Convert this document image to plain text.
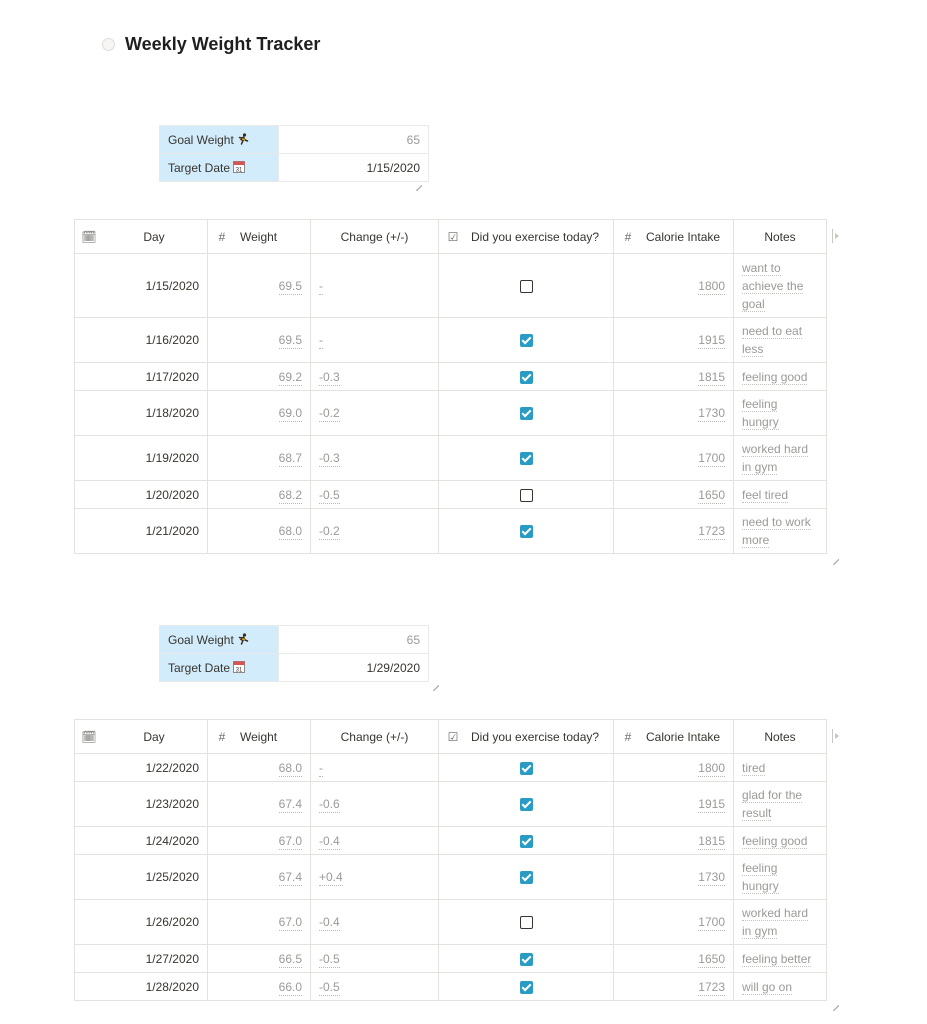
Weekly Weight Tracker
Goal Weight	65
Target Date 31	1/15/2020
🗓 Day	# Weight	Change (+/-)	☑ Did you exercise today?	# Calorie Intake	Notes

1/15/2020	69.5	-		1800	want to
achieve the
goal
1/16/2020	69.5	-		1915	need to eat
less
1/17/2020	69.2	-0.3		1815	feeling good
1/18/2020	69.0	-0.2		1730	feeling
hungry
1/19/2020	68.7	-0.3		1700	worked hard
in gym
1/20/2020	68.2	-0.5		1650	feel tired
1/21/2020	68.0	-0.2		1723	need to work
more
Goal Weight	65
Target Date 31	1/29/2020
🗓 Day	# Weight	Change (+/-)	☑ Did you exercise today?	# Calorie Intake	Notes

1/22/2020	68.0	-		1800	tired
1/23/2020	67.4	-0.6		1915	glad for the
result
1/24/2020	67.0	-0.4		1815	feeling good
1/25/2020	67.4	+0.4		1730	feeling
hungry
1/26/2020	67.0	-0.4		1700	worked hard
in gym
1/27/2020	66.5	-0.5		1650	feeling better
1/28/2020	66.0	-0.5		1723	will go on
